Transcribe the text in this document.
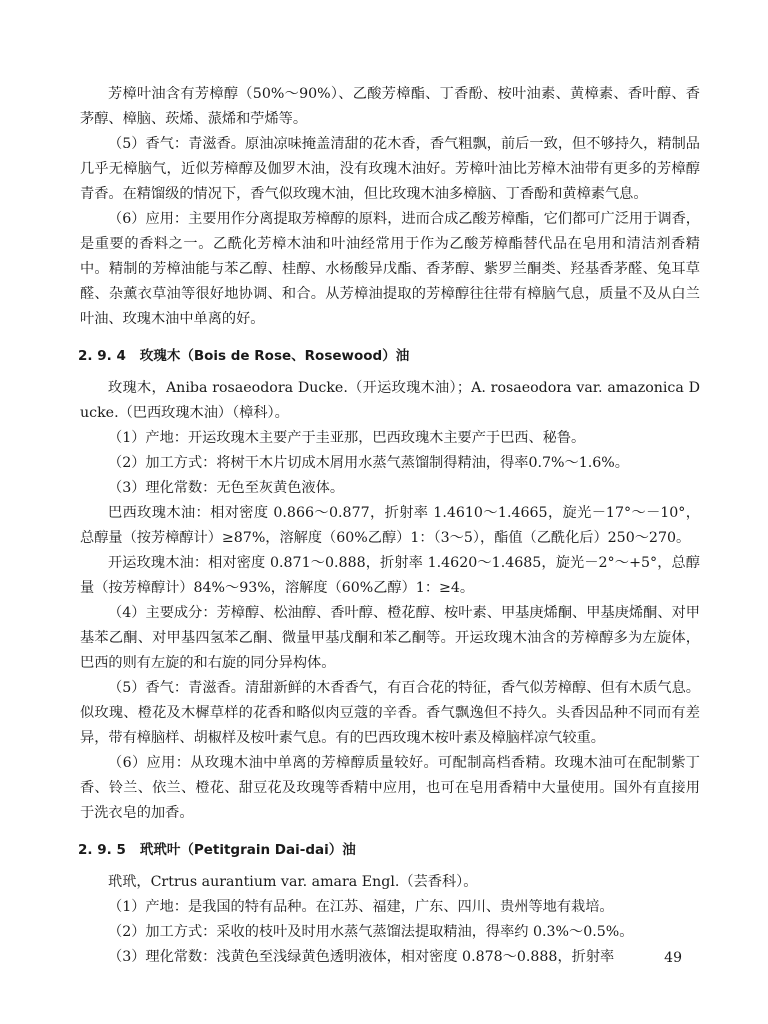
芳樟叶油含有芳樟醇（50%～90%）、乙酸芳樟酯、丁香酚、桉叶油素、黄樟素、香叶醇、香茅醇、樟脑、莰烯、蒎烯和苧烯等。

（5）香气：青滋香。原油凉味掩盖清甜的花木香，香气粗飘，前后一致，但不够持久，精制品几乎无樟脑气，近似芳樟醇及伽罗木油，没有玫瑰木油好。芳樟叶油比芳樟木油带有更多的芳樟醇青香。在精馏级的情况下，香气似玫瑰木油，但比玫瑰木油多樟脑、丁香酚和黄樟素气息。

（6）应用：主要用作分离提取芳樟醇的原料，进而合成乙酸芳樟酯，它们都可广泛用于调香，是重要的香料之一。乙酰化芳樟木油和叶油经常用于作为乙酸芳樟酯替代品在皂用和清洁剂香精中。精制的芳樟油能与苯乙醇、桂醇、水杨酸异戊酯、香茅醇、紫罗兰酮类、羟基香茅醛、兔耳草醛、杂薰衣草油等很好地协调、和合。从芳樟油提取的芳樟醇往往带有樟脑气息，质量不及从白兰叶油、玫瑰木油中单离的好。

2. 9. 4 玫瑰木（Bois de Rose、Rosewood）油

玫瑰木，Aniba rosaeodora Ducke.（开运玫瑰木油）；A. rosaeodora var. amazonica Ducke.（巴西玫瑰木油）（樟科）。

（1）产地：开运玫瑰木主要产于圭亚那，巴西玫瑰木主要产于巴西、秘鲁。

（2）加工方式：将树干木片切成木屑用水蒸气蒸馏制得精油，得率0.7%～1.6%。

（3）理化常数：无色至灰黄色液体。

巴西玫瑰木油：相对密度 0.866～0.877，折射率 1.4610～1.4665，旋光－17°～－10°，总醇量（按芳樟醇计）≥87%，溶解度（60%乙醇）1：（3～5），酯值（乙酰化后）250～270。

开运玫瑰木油：相对密度 0.871～0.888，折射率 1.4620～1.4685，旋光－2°～+5°，总醇量（按芳樟醇计）84%～93%，溶解度（60%乙醇）1：≥4。

（4）主要成分：芳樟醇、松油醇、香叶醇、橙花醇、桉叶素、甲基庚烯酮、甲基庚烯酮、对甲基苯乙酮、对甲基四氢苯乙酮、微量甲基戊酮和苯乙酮等。开运玫瑰木油含的芳樟醇多为左旋体，巴西的则有左旋的和右旋的同分异构体。

（5）香气：青滋香。清甜新鲜的木香香气，有百合花的特征，香气似芳樟醇、但有木质气息。似玫瑰、橙花及木樨草样的花香和略似肉豆蔻的辛香。香气飘逸但不持久。头香因品种不同而有差异，带有樟脑样、胡椒样及桉叶素气息。有的巴西玫瑰木桉叶素及樟脑样凉气较重。

（6）应用：从玫瑰木油中单离的芳樟醇质量较好。可配制高档香精。玫瑰木油可在配制紫丁香、铃兰、依兰、橙花、甜豆花及玫瑰等香精中应用，也可在皂用香精中大量使用。国外有直接用于洗衣皂的加香。

2. 9. 5 玳玳叶（Petitgrain Dai-dai）油

玳玳，Crtrus aurantium var. amara Engl.（芸香科）。

（1）产地：是我国的特有品种。在江苏、福建，广东、四川、贵州等地有栽培。

（2）加工方式：采收的枝叶及时用水蒸气蒸馏法提取精油，得率约 0.3%～0.5%。

（3）理化常数：浅黄色至浅绿黄色透明液体，相对密度 0.878～0.888，折射率	49
